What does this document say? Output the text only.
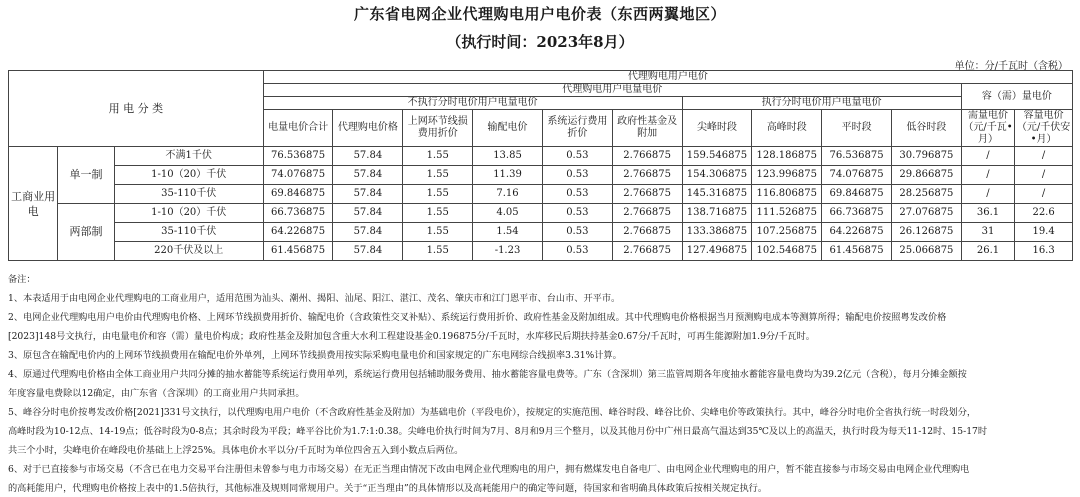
广东省电网企业代理购电用户电价表（东西两翼地区）
（执行时间：2023年8月）
单位：分/千瓦时（含税）
用 电 分 类			代理购电用户电价											
			代理购电用户电量电价										容（需）量电价	
			不执行分时电价用户电量电价						执行分时电价用户电量电价					
			电量电价合计	代理购电价格	上网环节线损费用折价	输配电价	系统运行费用折价	政府性基金及附加	尖峰时段	高峰时段	平时段	低谷时段	需量电价（元/千瓦•月）	容量电价（元/千伏安•月）
工商业用电	单一制	不满1千伏	76.536875	57.84	1.55	13.85	0.53	2.766875	159.546875	128.186875	76.536875	30.796875	/	/
		1-10（20）千伏	74.076875	57.84	1.55	11.39	0.53	2.766875	154.306875	123.996875	74.076875	29.866875	/	/
		35-110千伏	69.846875	57.84	1.55	7.16	0.53	2.766875	145.316875	116.806875	69.846875	28.256875	/	/
	两部制	1-10（20）千伏	66.736875	57.84	1.55	4.05	0.53	2.766875	138.716875	111.526875	66.736875	27.076875	36.1	22.6
		35-110千伏	64.226875	57.84	1.55	1.54	0.53	2.766875	133.386875	107.256875	64.226875	26.126875	31	19.4
		220千伏及以上	61.456875	57.84	1.55	-1.23	0.53	2.766875	127.496875	102.546875	61.456875	25.066875	26.1	16.3

备注：

1、本表适用于由电网企业代理购电的工商业用户，适用范围为汕头、潮州、揭阳、汕尾、阳江、湛江、茂名、肇庆市和江门恩平市、台山市、开平市。

2、电网企业代理购电用户电价由代理购电价格、上网环节线损费用折价、输配电价（含政策性交叉补贴）、系统运行费用折价、政府性基金及附加组成。其中代理购电价格根据当月预测购电成本等测算所得；输配电价按照粤发改价格

[2023]148号文执行，由电量电价和容（需）量电价构成；政府性基金及附加包含重大水利工程建设基金0.196875分/千瓦时，水库移民后期扶持基金0.67分/千瓦时，可再生能源附加1.9分/千瓦时。

3、原包含在输配电价内的上网环节线损费用在输配电价外单列，上网环节线损费用按实际采购电量电价和国家规定的广东电网综合线损率3.31%计算。

4、原通过代理购电价格由全体工商业用户共同分摊的抽水蓄能等系统运行费用单列，系统运行费用包括辅助服务费用、抽水蓄能容量电费等。广东（含深圳）第三监管周期各年度抽水蓄能容量电费均为39.2亿元（含税），每月分摊金额按

年度容量电费除以12确定，由广东省（含深圳）的工商业用户共同承担。

5、峰谷分时电价按粤发改价格[2021]331号文执行，以代理购电用户电价（不含政府性基金及附加）为基础电价（平段电价），按规定的实施范围、峰谷时段、峰谷比价、尖峰电价等政策执行。其中，峰谷分时电价全省执行统一时段划分，

高峰时段为10-12点、14-19点；低谷时段为0-8点；其余时段为平段；峰平谷比价为1.7:1:0.38。尖峰电价执行时间为7月、8月和9月三个整月，以及其他月份中广州日最高气温达到35℃及以上的高温天，执行时段为每天11-12时、15-17时

共三个小时，尖峰电价在峰段电价基础上上浮25%。具体电价水平以分/千瓦时为单位四舍五入到小数点后两位。

6、对于已直接参与市场交易（不含已在电力交易平台注册但未曾参与电力市场交易）在无正当理由情况下改由电网企业代理购电的用户，拥有燃煤发电自备电厂、由电网企业代理购电的用户，暂不能直接参与市场交易由电网企业代理购电

的高耗能用户，代理购电价格按上表中的1.5倍执行，其他标准及规则同常规用户。关于“正当理由”的具体情形以及高耗能用户的确定等问题，待国家和省明确具体政策后按相关规定执行。
